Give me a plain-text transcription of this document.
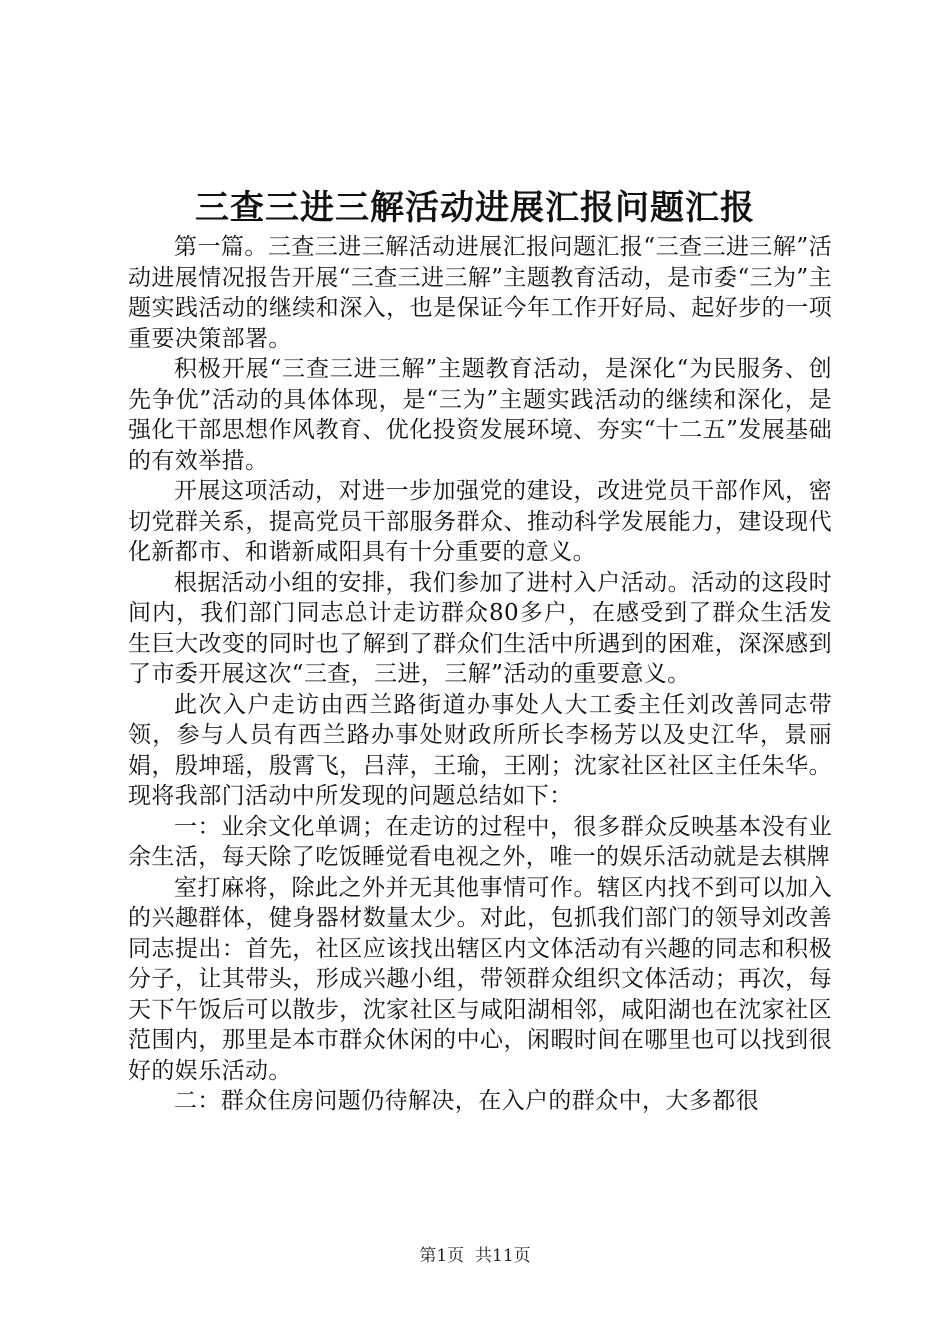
三查三进三解活动进展汇报问题汇报

第一篇。三查三进三解活动进展汇报问题汇报“三查三进三解”活动进展情况报告开展“三查三进三解”主题教育活动，是市委“三为”主题实践活动的继续和深入，也是保证今年工作开好局、起好步的一项重要决策部署。

积极开展“三查三进三解”主题教育活动，是深化“为民服务、创先争优”活动的具体体现，是“三为”主题实践活动的继续和深化，是强化干部思想作风教育、优化投资发展环境、夯实“十二五”发展基础的有效举措。

开展这项活动，对进一步加强党的建设，改进党员干部作风，密切党群关系，提高党员干部服务群众、推动科学发展能力，建设现代化新都市、和谐新咸阳具有十分重要的意义。

根据活动小组的安排，我们参加了进村入户活动。活动的这段时间内，我们部门同志总计走访群众80多户，在感受到了群众生活发生巨大改变的同时也了解到了群众们生活中所遇到的困难，深深感到了市委开展这次“三查，三进，三解”活动的重要意义。

此次入户走访由西兰路街道办事处人大工委主任刘改善同志带领，参与人员有西兰路办事处财政所所长李杨芳以及史江华，景丽娟，殷坤瑶，殷霄飞，吕萍，王瑜，王刚；沈家社区社区主任朱华。现将我部门活动中所发现的问题总结如下：

一：业余文化单调；在走访的过程中，很多群众反映基本没有业余生活，每天除了吃饭睡觉看电视之外，唯一的娱乐活动就是去棋牌

室打麻将，除此之外并无其他事情可作。辖区内找不到可以加入的兴趣群体，健身器材数量太少。对此，包抓我们部门的领导刘改善同志提出：首先，社区应该找出辖区内文体活动有兴趣的同志和积极分子，让其带头，形成兴趣小组，带领群众组织文体活动；再次，每天下午饭后可以散步，沈家社区与咸阳湖相邻，咸阳湖也在沈家社区范围内，那里是本市群众休闲的中心，闲暇时间在哪里也可以找到很好的娱乐活动。

二：群众住房问题仍待解决，在入户的群众中，大多都很

第1页 共11页
